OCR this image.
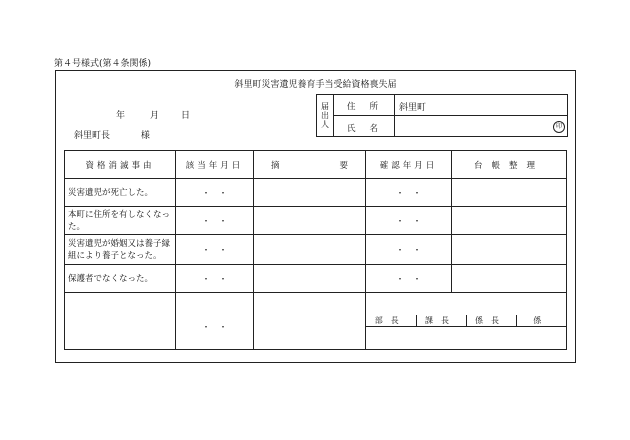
第４号様式(第４条関係)
斜里町災害遺児養育手当受給資格喪失届
年	月 日
斜里町長	様
届出人	住所 斜里町
氏名	印
資格消滅事由	該当年月日	摘	要	確認年月日	台帳整理
災害遺児が死亡した。	・　・		・　・	
本町に住所を有しなくなった。	・　・		・　・	
災害遺児が婚姻又は養子縁組により養子となった。	・　・		・　・	
保護者でなくなった。	・　・		・　・	
	・　・		
部長	課長	係長	係
